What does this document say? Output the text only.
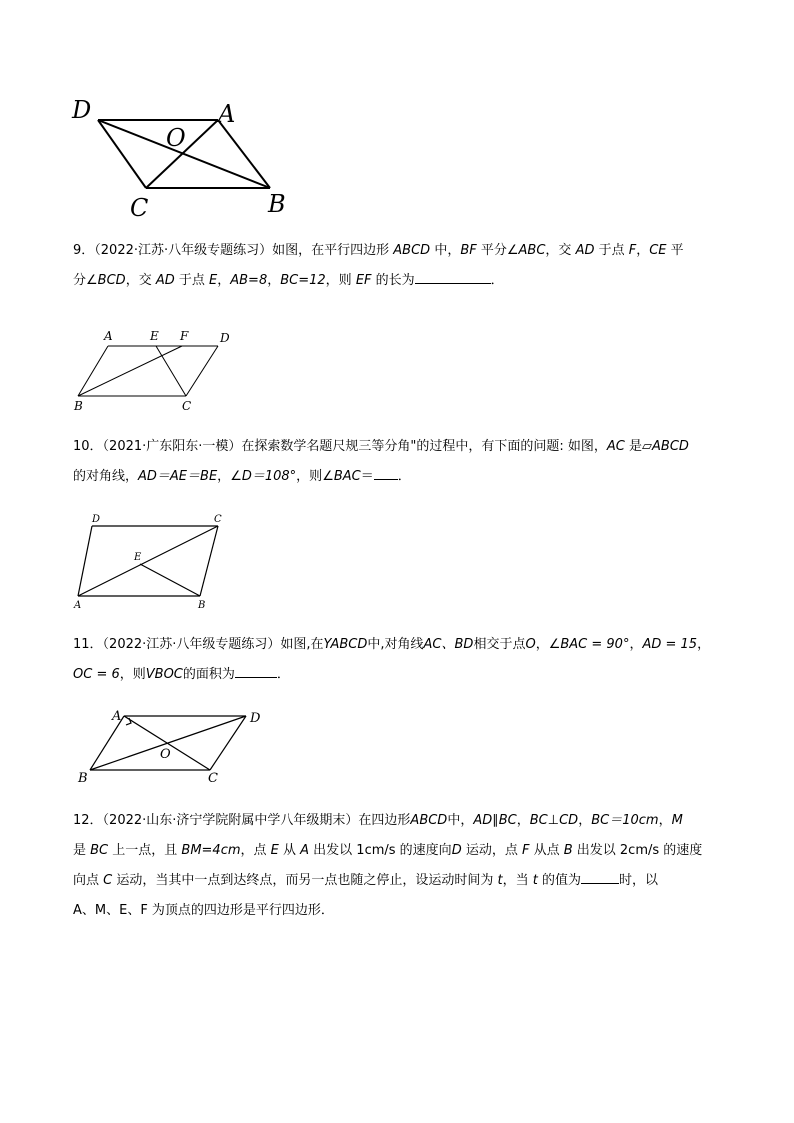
D	A
O
C	B
9．（2022·江苏·八年级专题练习）如图，在平行四边形 ABCD 中，BF 平分∠ABC，交 AD 于点 F，CE 平
分∠BCD，交 AD 于点 E，AB=8，BC=12，则 EF 的长为	．
A	E F	D
B	C
10．（2021·广东阳东·一模）在探索数学名题尺规三等分角"的过程中，有下面的问题: 如图，AC 是▱ABCD
的对角线，AD＝AE＝BE，∠D＝108°，则∠BAC＝ ．
D	C
E
A	B
11．（2022·江苏·八年级专题练习）如图,在YABCD中,对角线AC、BD相交于点O，∠BAC = 90°，AD = 15，
OC = 6，则VBOC的面积为	．
A	D
O
B	C
12．（2022·山东·济宁学院附属中学八年级期末）在四边形ABCD中，AD∥BC，BC⊥CD，BC＝10cm，M
是 BC 上一点，且 BM=4cm，点 E 从 A 出发以 1cm/s 的速度向D 运动，点 F 从点 B 出发以 2cm/s 的速度
向点 C 运动，当其中一点到达终点，而另一点也随之停止，设运动时间为 t，当 t 的值为	时，以
A、M、E、F 为顶点的四边形是平行四边形．
